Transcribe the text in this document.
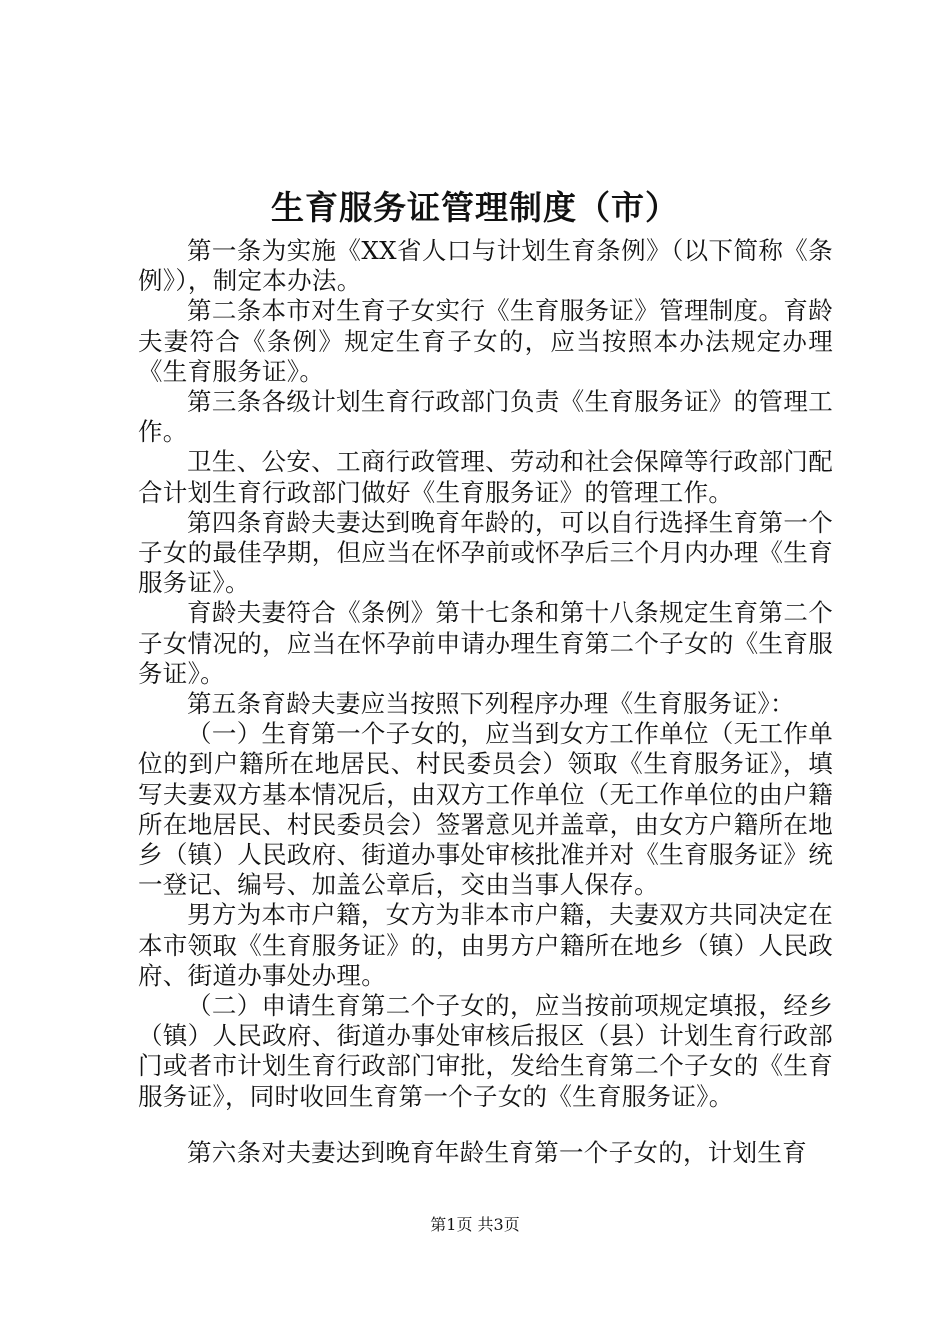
生育服务证管理制度（市）

第一条为实施《XX省人口与计划生育条例》（以下简称《条例》），制定本办法。

第二条本市对生育子女实行《生育服务证》管理制度。育龄夫妻符合《条例》规定生育子女的，应当按照本办法规定办理《生育服务证》。

第三条各级计划生育行政部门负责《生育服务证》的管理工作。

卫生、公安、工商行政管理、劳动和社会保障等行政部门配合计划生育行政部门做好《生育服务证》的管理工作。

第四条育龄夫妻达到晚育年龄的，可以自行选择生育第一个子女的最佳孕期，但应当在怀孕前或怀孕后三个月内办理《生育服务证》。

育龄夫妻符合《条例》第十七条和第十八条规定生育第二个子女情况的，应当在怀孕前申请办理生育第二个子女的《生育服务证》。

第五条育龄夫妻应当按照下列程序办理《生育服务证》：

（一）生育第一个子女的，应当到女方工作单位（无工作单位的到户籍所在地居民、村民委员会）领取《生育服务证》，填写夫妻双方基本情况后，由双方工作单位（无工作单位的由户籍所在地居民、村民委员会）签署意见并盖章，由女方户籍所在地乡（镇）人民政府、街道办事处审核批准并对《生育服务证》统一登记、编号、加盖公章后，交由当事人保存。

男方为本市户籍，女方为非本市户籍，夫妻双方共同决定在本市领取《生育服务证》的，由男方户籍所在地乡（镇）人民政府、街道办事处办理。

（二）申请生育第二个子女的，应当按前项规定填报，经乡（镇）人民政府、街道办事处审核后报区（县）计划生育行政部门或者市计划生育行政部门审批，发给生育第二个子女的《生育服务证》，同时收回生育第一个子女的《生育服务证》。

第六条对夫妻达到晚育年龄生育第一个子女的，计划生育

第1页 共3页
